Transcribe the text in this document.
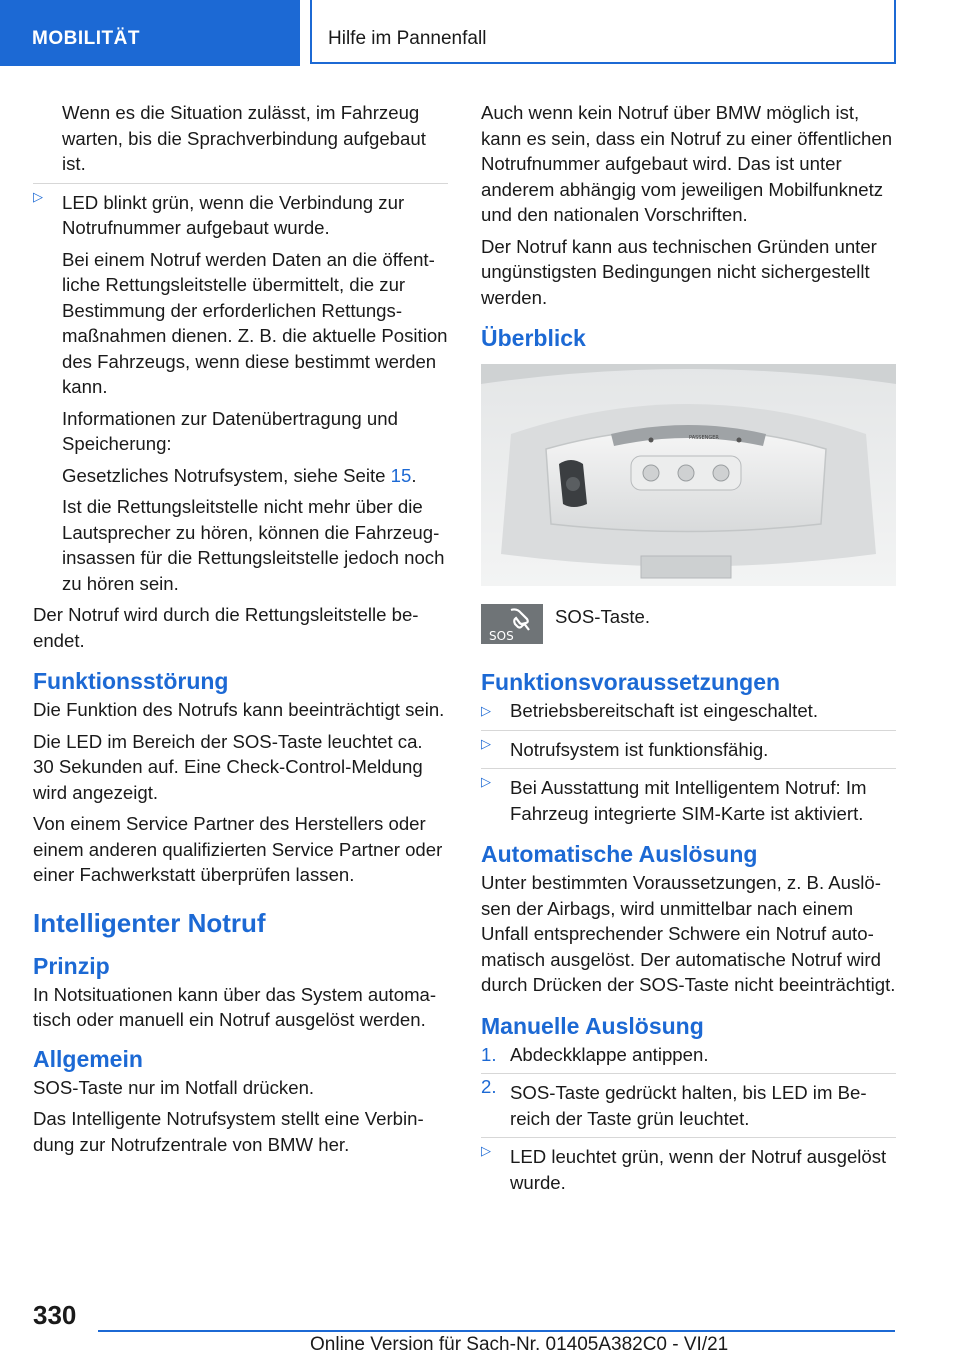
MOBILITÄT	Hilfe im Pannenfall

Wenn es die Situation zulässt, im Fahrzeug warten, bis die Sprachverbindung aufgebaut ist.

▷ LED blinkt grün, wenn die Verbindung zur Notrufnummer aufgebaut wurde.

Bei einem Notruf werden Daten an die öffentliche Rettungsleitstelle übermittelt, die zur Bestimmung der erforderlichen Rettungsmaßnahmen dienen. Z. B. die aktuelle Position des Fahrzeugs, wenn diese bestimmt werden kann.

Informationen zur Datenübertragung und Speicherung:

Gesetzliches Notrufsystem, siehe Seite 15.

Ist die Rettungsleitstelle nicht mehr über die Lautsprecher zu hören, können die Fahrzeuginsassen für die Rettungsleitstelle jedoch noch zu hören sein.

Der Notruf wird durch die Rettungsleitstelle beendet.

Funktionsstörung

Die Funktion des Notrufs kann beeinträchtigt sein.

Die LED im Bereich der SOS-Taste leuchtet ca. 30 Sekunden auf. Eine Check-Control-Meldung wird angezeigt.

Von einem Service Partner des Herstellers oder einem anderen qualifizierten Service Partner oder einer Fachwerkstatt überprüfen lassen.

Intelligenter Notruf
Prinzip

In Notsituationen kann über das System automatisch oder manuell ein Notruf ausgelöst werden.

Allgemein

SOS-Taste nur im Notfall drücken.

Das Intelligente Notrufsystem stellt eine Verbindung zur Notrufzentrale von BMW her.

Auch wenn kein Notruf über BMW möglich ist, kann es sein, dass ein Notruf zu einer öffentlichen Notrufnummer aufgebaut wird. Das ist unter anderem abhängig vom jeweiligen Mobilfunknetz und den nationalen Vorschriften.

Der Notruf kann aus technischen Gründen unter ungünstigsten Bedingungen nicht sichergestellt werden.

Überblick
PASSENGER
SOS
SOS-Taste.
Funktionsvoraussetzungen
▷ Betriebsbereitschaft ist eingeschaltet.
▷ Notrufsystem ist funktionsfähig.
▷ Bei Ausstattung mit Intelligentem Notruf: Im Fahrzeug integrierte SIM-Karte ist aktiviert.
Automatische Auslösung

Unter bestimmten Voraussetzungen, z. B. Auslösen der Airbags, wird unmittelbar nach einem Unfall entsprechender Schwere ein Notruf automatisch ausgelöst. Der automatische Notruf wird durch Drücken der SOS-Taste nicht beeinträchtigt.

Manuelle Auslösung
1. Abdeckklappe antippen.
2. SOS-Taste gedrückt halten, bis LED im Bereich der Taste grün leuchtet.
▷ LED leuchtet grün, wenn der Notruf ausgelöst wurde.
330
Online Version für Sach-Nr. 01405A382C0 - VI/21
